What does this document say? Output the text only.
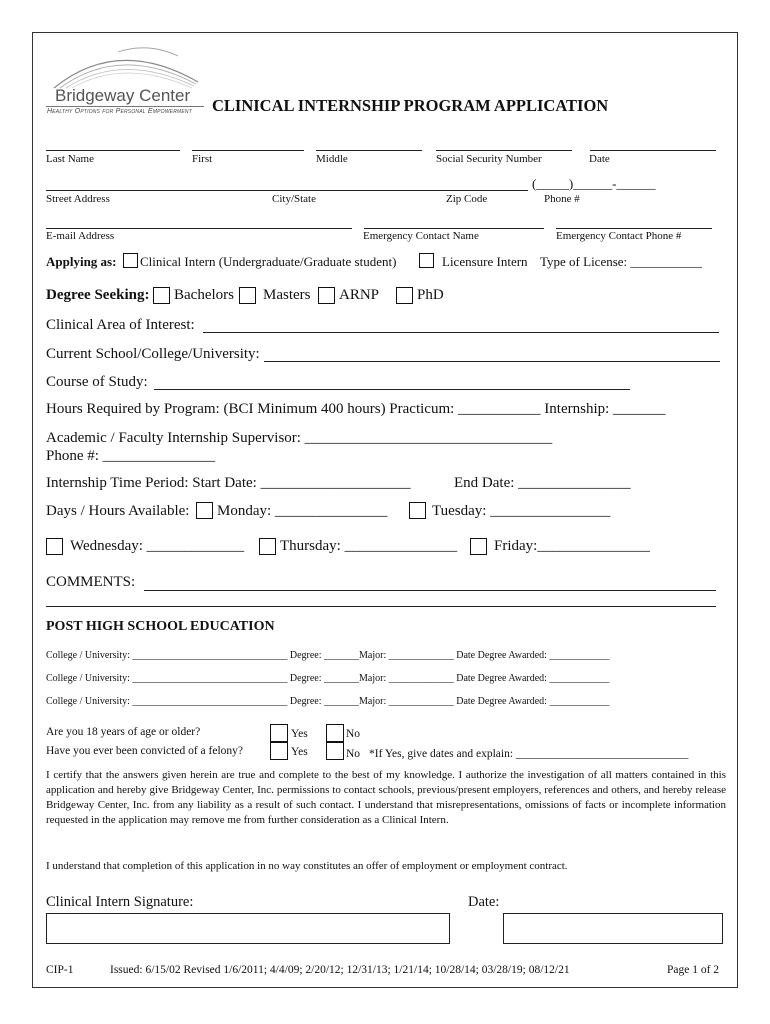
Bridgeway Center
Healthy Options for Personal Empowerment CLINICAL INTERNSHIP PROGRAM APPLICATION
Last Name	First	Middle	Social Security Number	Date
(_____)______-______
Street Address	City/State	Zip Code	Phone #
E-mail Address	Emergency Contact Name	Emergency Contact Phone #
Applying as: Clinical Intern (Undergraduate/Graduate student)	Licensure Intern Type of License: ___________
Degree Seeking: Bachelors Masters ARNP	PhD
Clinical Area of Interest:
Current School/College/University:
Course of Study:
Hours Required by Program: (BCI Minimum 400 hours) Practicum: ___________ Internship: _______
Academic / Faculty Internship Supervisor: _________________________________
Phone #: _______________
Internship Time Period: Start Date: ____________________	End Date: _______________
Days / Hours Available: Monday: _______________	Tuesday: ________________
Wednesday: _____________ Thursday: _______________ Friday:_______________
COMMENTS:
POST HIGH SCHOOL EDUCATION
College / University: _______________________________ Degree: _______Major: _____________ Date Degree Awarded: ____________
College / University: _______________________________ Degree: _______Major: _____________ Date Degree Awarded: ____________
College / University: _______________________________ Degree: _______Major: _____________ Date Degree Awarded: ____________
Are you 18 years of age or older?	Yes	No
Have you ever been convicted of a felony?	Yes	No *If Yes, give dates and explain: ______________________________
I certify that the answers given herein are true and complete to the best of my knowledge. I authorize the investigation of all matters contained in this application and hereby give Bridgeway Center, Inc. permissions to contact schools, previous/present employers, references and others, and hereby release Bridgeway Center, Inc. from any liability as a result of such contact. I understand that misrepresentations, omissions of facts or incomplete information requested in the application may remove me from further consideration as a Clinical Intern.
I understand that completion of this application in no way constitutes an offer of employment or employment contract.
Clinical Intern Signature:	Date:
CIP-1	Issued: 6/15/02 Revised 1/6/2011; 4/4/09; 2/20/12; 12/31/13; 1/21/14; 10/28/14; 03/28/19; 08/12/21	Page 1 of 2
